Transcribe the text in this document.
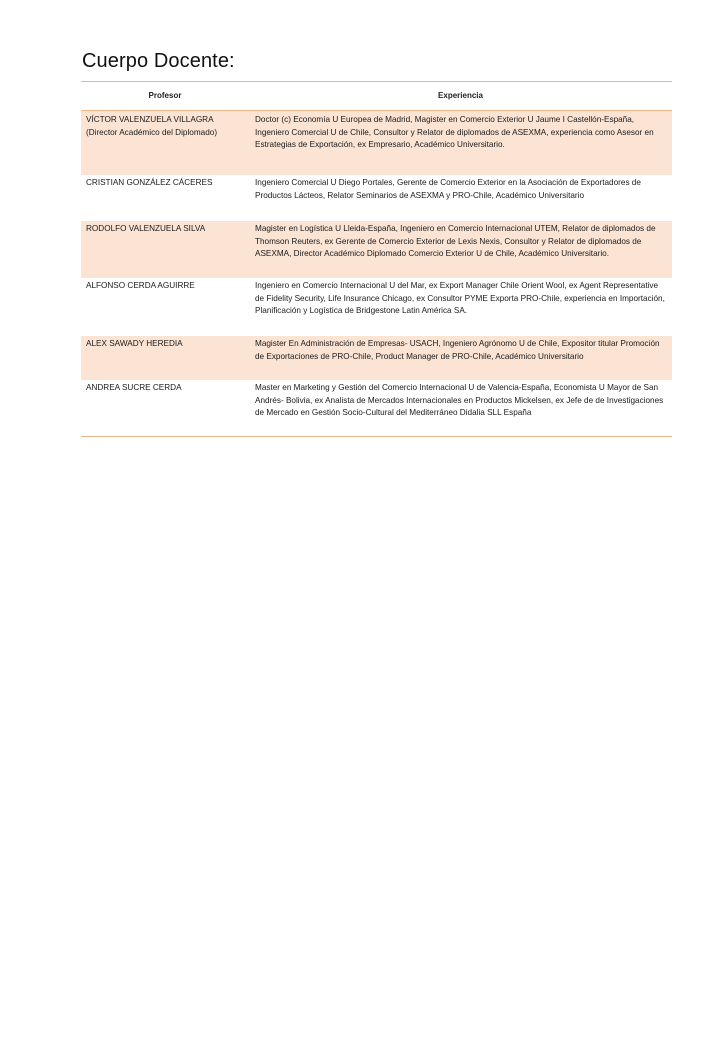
Cuerpo Docente:
Profesor	Experiencia
VÍCTOR VALENZUELA VILLAGRA
(Director Académico del Diplomado)	Doctor (c) Economía U Europea de Madrid, Magister en Comercio Exterior U Jaume I Castellón-España, Ingeniero Comercial U de Chile, Consultor y Relator de diplomados de ASEXMA, experiencia como Asesor en Estrategias de Exportación, ex Empresario, Académico Universitario.
CRISTIAN GONZÁLEZ CÁCERES	Ingeniero Comercial U Diego Portales, Gerente de Comercio Exterior en la Asociación de Exportadores de Productos Lácteos, Relator Seminarios de ASEXMA y PRO-Chile, Académico Universitario
RODOLFO VALENZUELA SILVA	Magister en Logística U Lleida-España, Ingeniero en Comercio Internacional UTEM, Relator de diplomados de Thomson Reuters, ex Gerente de Comercio Exterior de Lexis Nexis, Consultor y Relator de diplomados de ASEXMA, Director Académico Diplomado Comercio Exterior U de Chile, Académico Universitario.
ALFONSO CERDA AGUIRRE	Ingeniero en Comercio Internacional U del Mar, ex Export Manager Chile Orient Wool, ex Agent Representative de Fidelity Security, Life Insurance Chicago, ex Consultor PYME Exporta PRO-Chile, experiencia en Importación, Planificación y Logística de Bridgestone Latin América SA.
ALEX SAWADY HEREDIA	Magister En Administración de Empresas- USACH, Ingeniero Agrónomo U de Chile, Expositor titular Promoción de Exportaciones de PRO-Chile, Product Manager de PRO-Chile, Académico Universitario
ANDREA SUCRE CERDA	Master en Marketing y Gestión del Comercio Internacional U de Valencia-España, Economista U Mayor de San Andrés- Bolivia, ex Analista de Mercados Internacionales en Productos Mickelsen, ex Jefe de de Investigaciones de Mercado en Gestión Socio-Cultural del Mediterráneo Didalia SLL España
